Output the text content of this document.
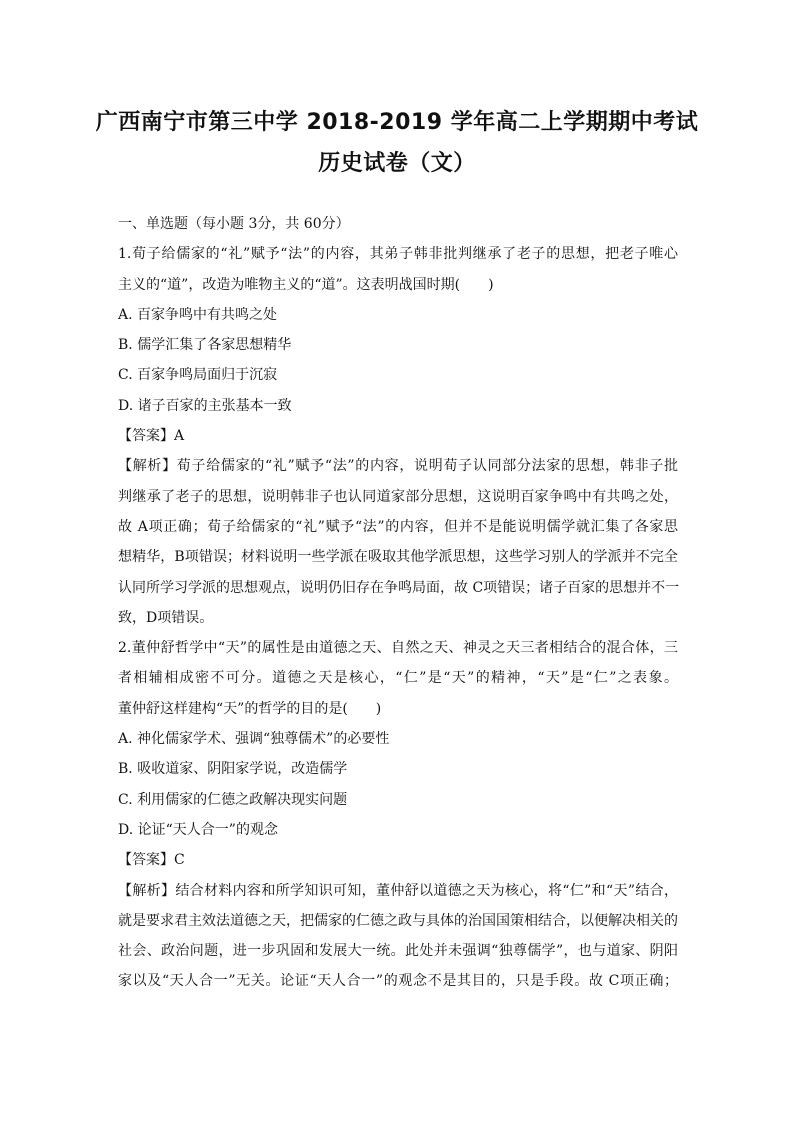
广西南宁市第三中学 2018-2019 学年高二上学期期中考试
历史试卷（文）
一、单选题（每小题 3分，共 60分）
1.荀子给儒家的“礼”赋予“法”的内容，其弟子韩非批判继承了老子的思想，把老子唯心
主义的“道”，改造为唯物主义的“道”。这表明战国时期(　　)
A. 百家争鸣中有共鸣之处
B. 儒学汇集了各家思想精华
C. 百家争鸣局面归于沉寂
D. 诸子百家的主张基本一致
【答案】A
【解析】荀子给儒家的“礼”赋予“法”的内容，说明荀子认同部分法家的思想，韩非子批
判继承了老子的思想，说明韩非子也认同道家部分思想，这说明百家争鸣中有共鸣之处，
故 A项正确；荀子给儒家的“礼”赋予“法”的内容，但并不是能说明儒学就汇集了各家思
想精华，B项错误；材料说明一些学派在吸取其他学派思想，这些学习别人的学派并不完全
认同所学习学派的思想观点，说明仍旧存在争鸣局面，故 C项错误；诸子百家的思想并不一
致，D项错误。
2.董仲舒哲学中“天”的属性是由道德之天、自然之天、神灵之天三者相结合的混合体，三
者相辅相成密不可分。道德之天是核心，“仁”是“天”的精神，“天”是“仁”之表象。
董仲舒这样建构“天”的哲学的目的是(　　)
A. 神化儒家学术、强调“独尊儒术”的必要性
B. 吸收道家、阴阳家学说，改造儒学
C. 利用儒家的仁德之政解决现实问题
D. 论证“天人合一”的观念
【答案】C
【解析】结合材料内容和所学知识可知，董仲舒以道德之天为核心，将“仁”和“天”结合，
就是要求君主效法道德之天，把儒家的仁德之政与具体的治国国策相结合，以便解决相关的
社会、政治问题，进一步巩固和发展大一统。此处并未强调“独尊儒学”，也与道家、阴阳
家以及“天人合一”无关。论证“天人合一”的观念不是其目的，只是手段。故 C项正确；
